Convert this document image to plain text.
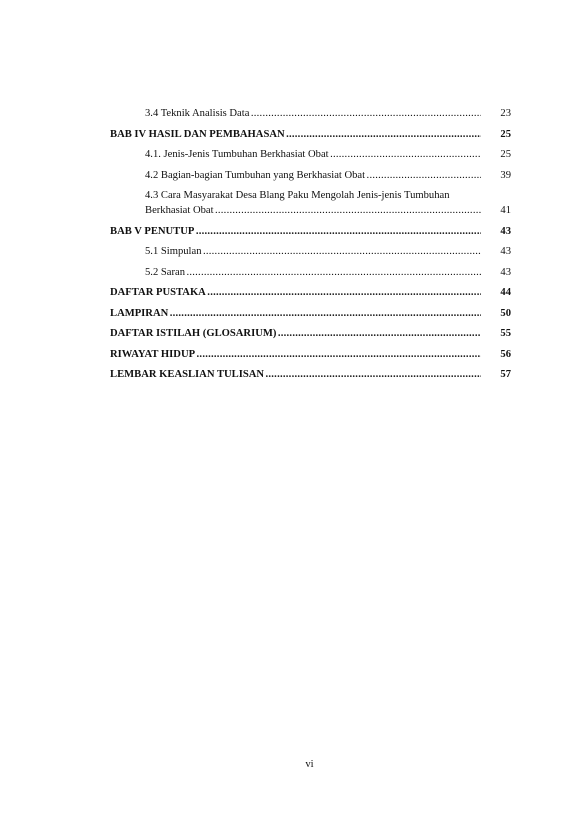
3.4 Teknik Analisis Data . . .	23
BAB IV HASIL DAN PEMBAHASAN . . .	25
4.1. Jenis-Jenis Tumbuhan Berkhasiat Obat . . .	25
4.2 Bagian-bagian Tumbuhan yang Berkhasiat Obat . . .	39
4.3 Cara Masyarakat Desa Blang Paku Mengolah Jenis-jenis Tumbuhan
Berkhasiat Obat . . .	41
BAB V PENUTUP . . .	43
5.1 Simpulan . . .	43
5.2 Saran . . .	43
DAFTAR PUSTAKA . . .	44
LAMPIRAN . . .	50
DAFTAR ISTILAH (GLOSARIUM) . . .	55
RIWAYAT HIDUP . . .	56
LEMBAR KEASLIAN TULISAN . . .	57
vi
